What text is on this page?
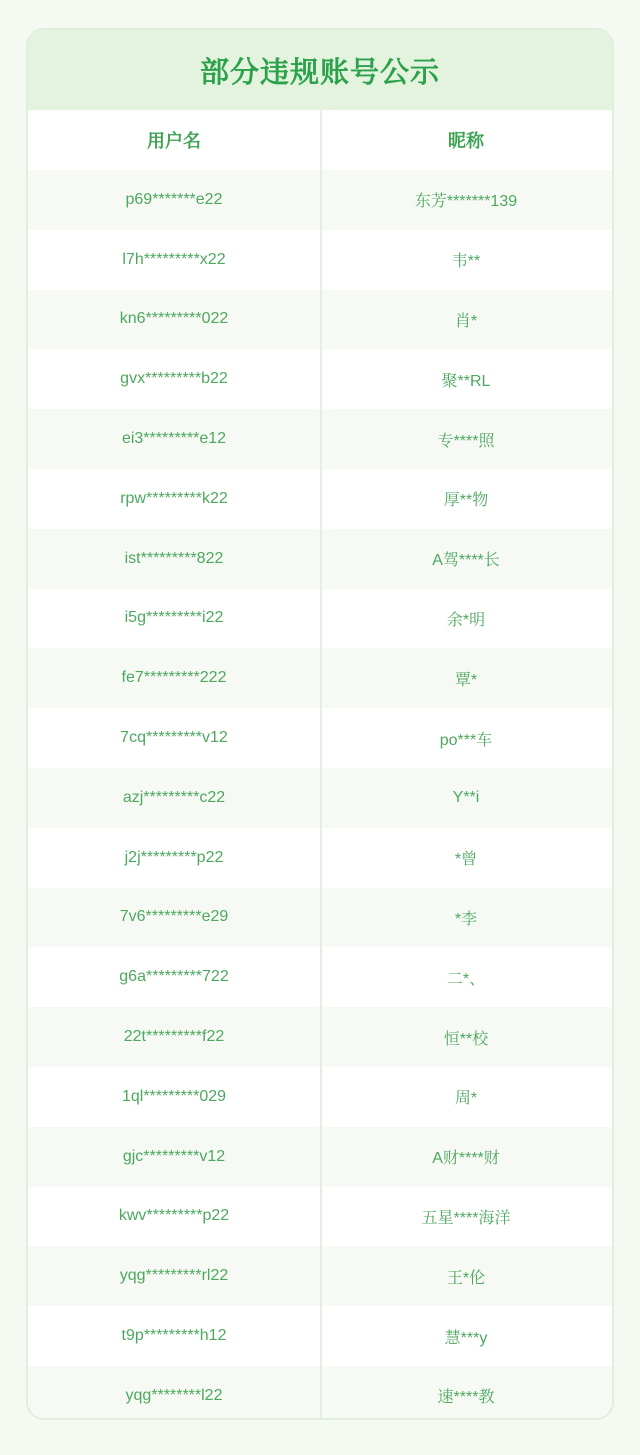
部分违规账号公示
用户名	昵称
p69*******e22	东芳*******139
l7h*********x22	韦**
kn6*********022	肖*
gvx*********b22	聚**RL
ei3*********e12	专****照
rpw*********k22	厚**物
ist*********822	A驾****长
i5g*********i22	余*明
fe7*********222	覃*
7cq*********v12	po***车
azj*********c22	Y**i
j2j*********p22	*曾
7v6*********e29	*李
g6a*********722	二*、
22t*********f22	恒**校
1ql*********029	周*
gjc*********v12	A财****财
kwv*********p22	五星****海洋
yqg*********rl22	王*伦
t9p*********h12	慧***y
yqg********l22	速****教
